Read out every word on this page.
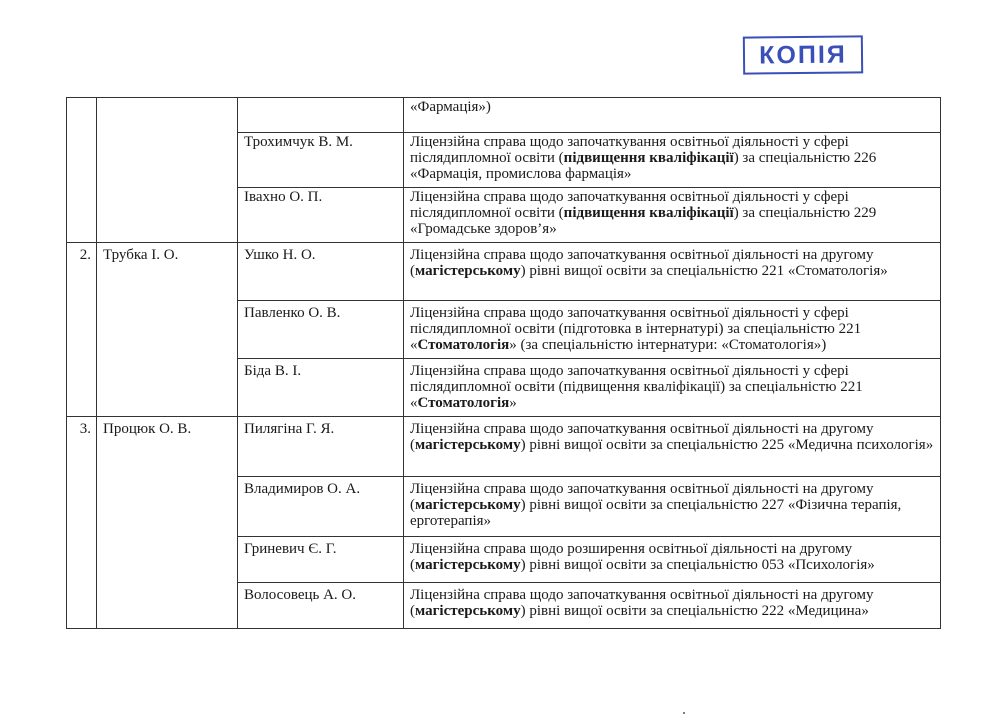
КОПІЯ
			«Фармація»)
		Трохимчук В. М.	Ліцензійна справа щодо започаткування освітньої діяльності у сфері післядипломної освіти (підвищення кваліфікації) за спеціальністю 226 «Фармація, промислова фармація»
		Івахно О. П.	Ліцензійна справа щодо започаткування освітньої діяльності у сфері післядипломної освіти (підвищення кваліфікації) за спеціальністю 229 «Громадське здоров’я»
2.	Трубка І. О.	Ушко Н. О.	Ліцензійна справа щодо започаткування освітньої діяльності на другому (магістерському) рівні вищої освіти за спеціальністю 221 «Стоматологія»
		Павленко О. В.	Ліцензійна справа щодо започаткування освітньої діяльності у сфері післядипломної освіти (підготовка в інтернатурі) за спеціальністю 221 «Стоматологія» (за спеціальністю інтернатури: «Стоматологія»)
		Біда В. І.	Ліцензійна справа щодо започаткування освітньої діяльності у сфері післядипломної освіти (підвищення кваліфікації) за спеціальністю 221 «Стоматологія»
3.	Процюк О. В.	Пилягіна Г. Я.	Ліцензійна справа щодо започаткування освітньої діяльності на другому (магістерському) рівні вищої освіти за спеціальністю 225 «Медична психологія»
		Владимиров О. А.	Ліцензійна справа щодо започаткування освітньої діяльності на другому (магістерському) рівні вищої освіти за спеціальністю 227 «Фізична терапія, ерготерапія»
		Гриневич Є. Г.	Ліцензійна справа щодо розширення освітньої діяльності на другому (магістерському) рівні вищої освіти за спеціальністю 053 «Психологія»
		Волосовець А. О.	Ліцензійна справа щодо започаткування освітньої діяльності на другому (магістерському) рівні вищої освіти за спеціальністю 222 «Медицина»
